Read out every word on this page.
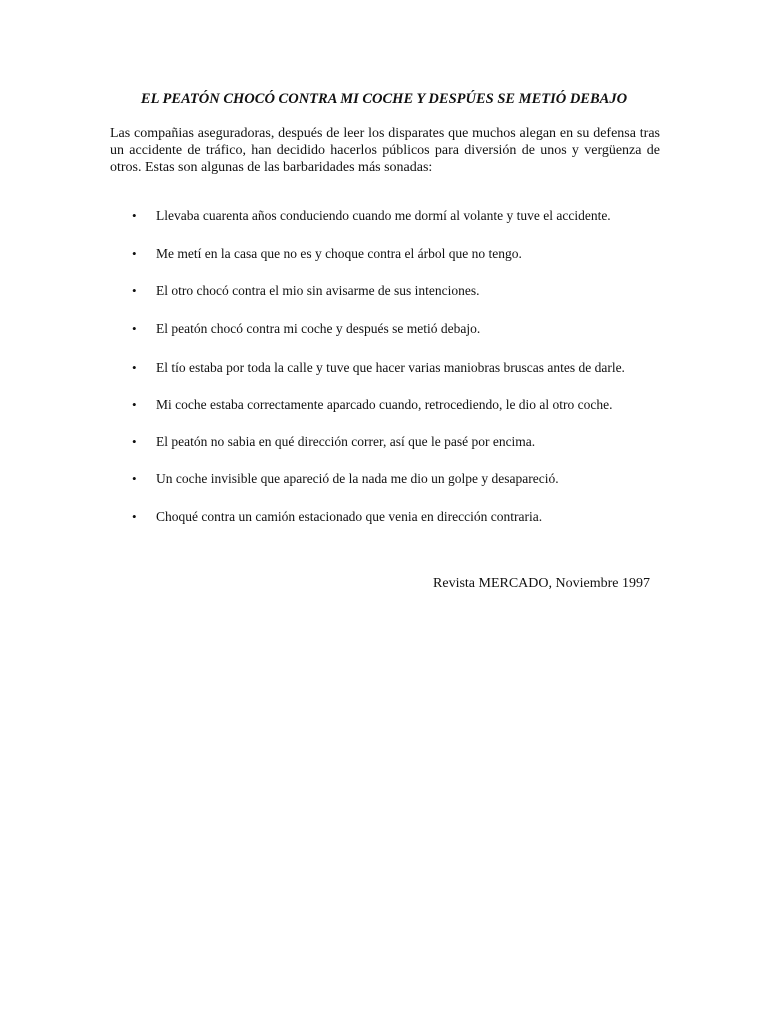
EL PEATÓN CHOCÓ CONTRA MI COCHE Y DESPÚES SE METIÓ DEBAJO

Las compañias aseguradoras, después de leer los disparates que muchos alegan en su defensa tras un accidente de tráfico, han decidido hacerlos públicos para diversión de unos y vergüenza de otros. Estas son algunas de las barbaridades más sonadas:

• Llevaba cuarenta años conduciendo cuando me dormí al volante y tuve el accidente.
• Me metí en la casa que no es y choque contra el árbol que no tengo.
• El otro chocó contra el mio sin avisarme de sus intenciones.
• El peatón chocó contra mi coche y después se metió debajo.
• El tío estaba por toda la calle y tuve que hacer varias maniobras bruscas antes de darle.
• Mi coche estaba correctamente aparcado cuando, retrocediendo, le dio al otro coche.
• El peatón no sabia en qué dirección correr, así que le pasé por encima.
• Un coche invisible que apareció de la nada me dio un golpe y desapareció.
• Choqué contra un camión estacionado que venia en dirección contraria.

Revista MERCADO, Noviembre 1997
